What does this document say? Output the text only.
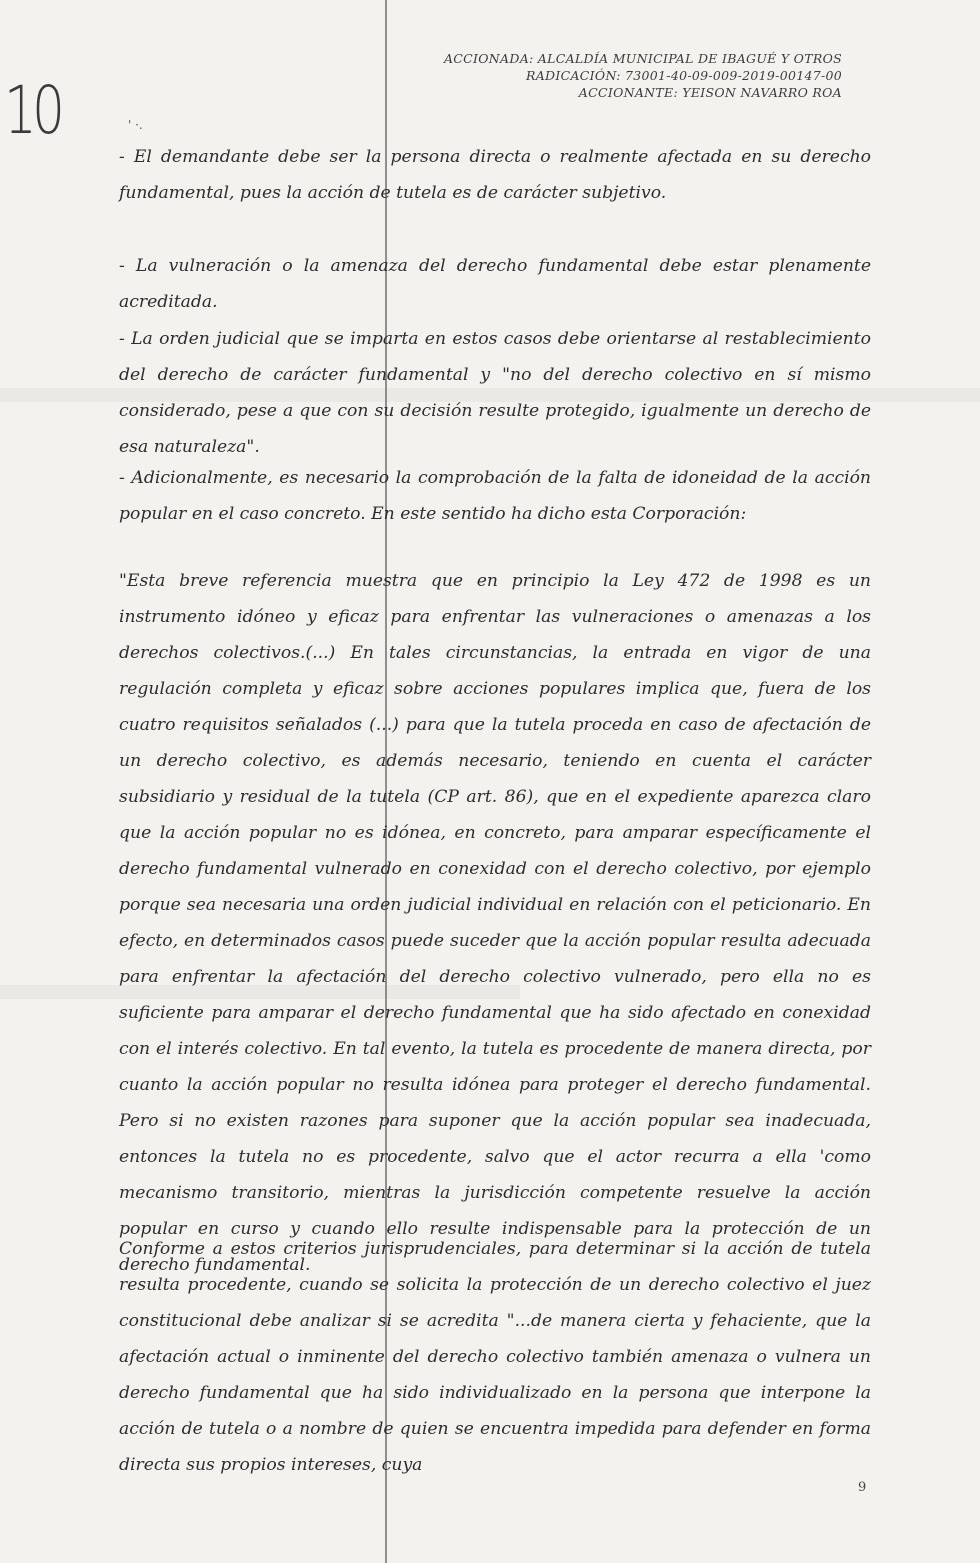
10
ACCIONADA: ALCALDÍA MUNICIPAL DE IBAGUÉ Y OTROS
RADICACIÓN: 73001-40-09-009-2019-00147-00
ACCIONANTE: YEISON NAVARRO ROA
' ·.

- El demandante debe ser la persona directa o realmente afectada en su derecho fundamental, pues la acción de tutela es de carácter subjetivo.

- La vulneración o la amenaza del derecho fundamental debe estar plenamente acreditada.

- La orden judicial que se imparta en estos casos debe orientarse al restablecimiento del derecho de carácter fundamental y "no del derecho colectivo en sí mismo considerado, pese a que con su decisión resulte protegido, igualmente un derecho de esa naturaleza".

- Adicionalmente, es necesario la comprobación de la falta de idoneidad de la acción popular en el caso concreto. En este sentido ha dicho esta Corporación:

"Esta breve referencia muestra que en principio la Ley 472 de 1998 es un instrumento idóneo y eficaz para enfrentar las vulneraciones o amenazas a los derechos colectivos.(...) En tales circunstancias, la entrada en vigor de una regulación completa y eficaz sobre acciones populares implica que, fuera de los cuatro requisitos señalados (...) para que la tutela proceda en caso de afectación de un derecho colectivo, es además necesario, teniendo en cuenta el carácter subsidiario y residual de la tutela (CP art. 86), que en el expediente aparezca claro que la acción popular no es idónea, en concreto, para amparar específicamente el derecho fundamental vulnerado en conexidad con el derecho colectivo, por ejemplo porque sea necesaria una orden judicial individual en relación con el peticionario. En efecto, en determinados casos puede suceder que la acción popular resulta adecuada para enfrentar la afectación del derecho colectivo vulnerado, pero ella no es suficiente para amparar el derecho fundamental que ha sido afectado en conexidad con el interés colectivo. En tal evento, la tutela es procedente de manera directa, por cuanto la acción popular no resulta idónea para proteger el derecho fundamental. Pero si no existen razones para suponer que la acción popular sea inadecuada, entonces la tutela no es procedente, salvo que el actor recurra a ella 'como mecanismo transitorio, mientras la jurisdicción competente resuelve la acción popular en curso y cuando ello resulte indispensable para la protección de un derecho fundamental.

Conforme a estos criterios jurisprudenciales, para determinar si la acción de tutela resulta procedente, cuando se solicita la protección de un derecho colectivo el juez constitucional debe analizar si se acredita "...de manera cierta y fehaciente, que la afectación actual o inminente del derecho colectivo también amenaza o vulnera un derecho fundamental que ha sido individualizado en la persona que interpone la acción de tutela o a nombre de quien se encuentra impedida para defender en forma directa sus propios intereses, cuya

9
